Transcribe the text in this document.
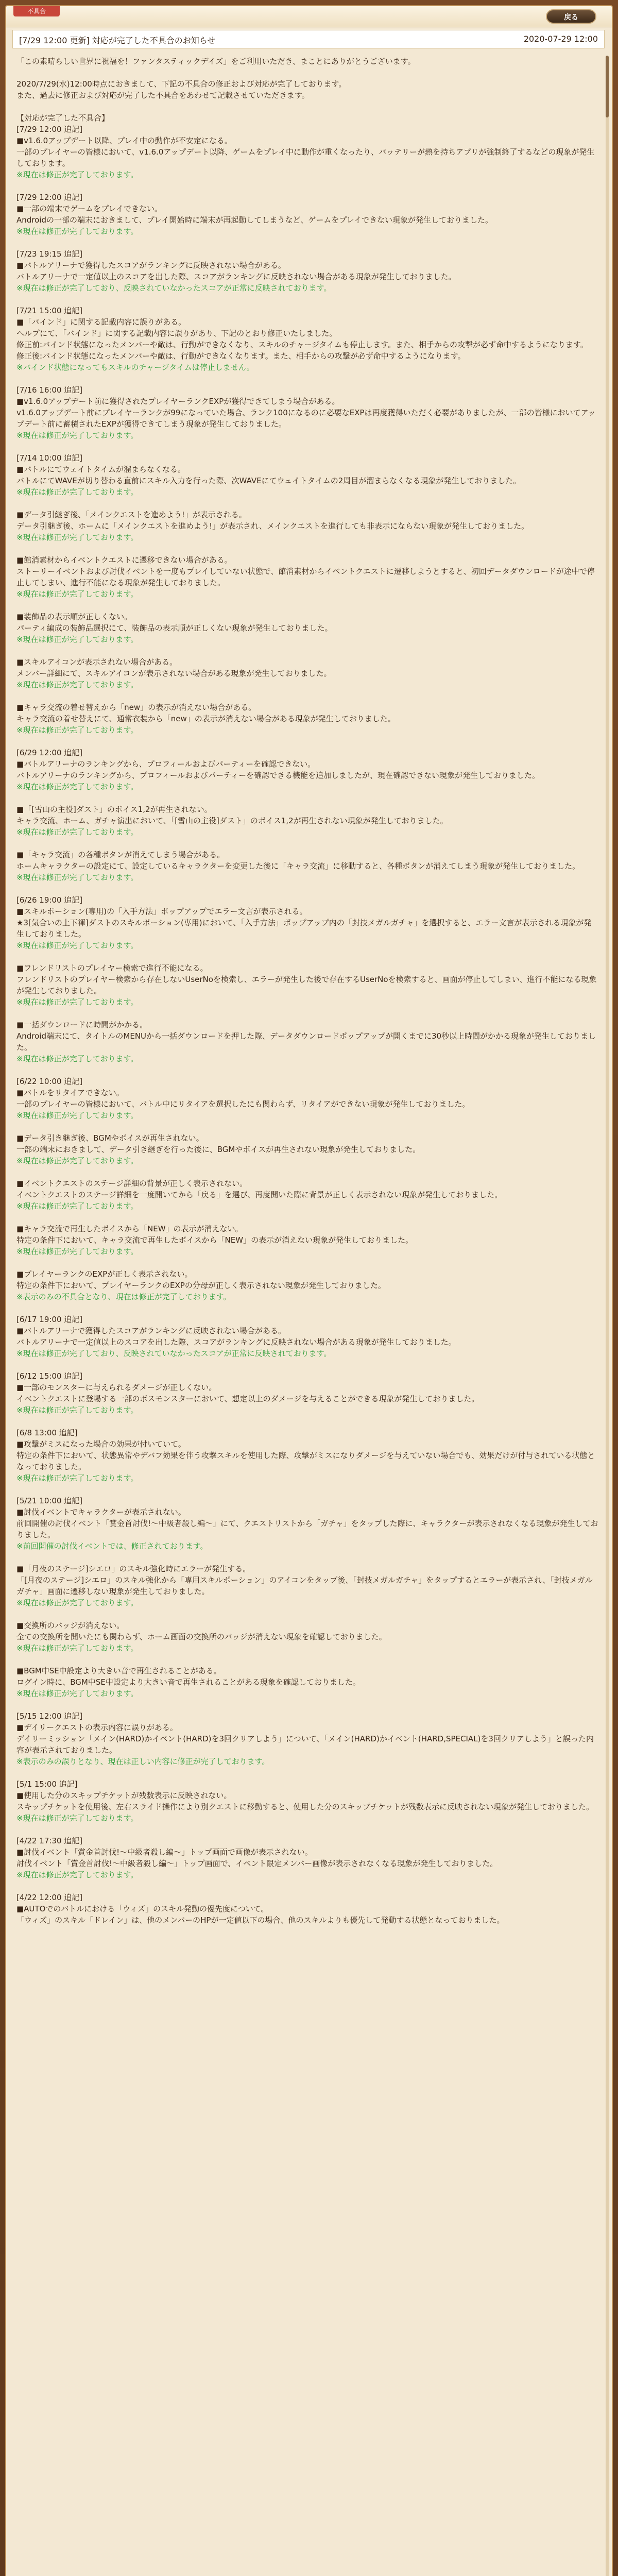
不具合
戻る
[7/29 12:00 更新] 対応が完了した不具合のお知らせ	2020-07-29 12:00

「この素晴らしい世界に祝福を！ファンタスティックデイズ」をご利用いただき、まことにありがとうございます。

2020/7/29(水)12:00時点におきまして、下記の不具合の修正および対応が完了しております。

また、過去に修正および対応が完了した不具合をあわせて記載させていただきます。

【対応が完了した不具合】

[7/29 12:00 追記]

■v1.6.0アップデート以降、プレイ中の動作が不安定になる。

一部のプレイヤーの皆様において、v1.6.0アップデート以降、ゲームをプレイ中に動作が重くなったり、バッテリーが熱を持ちアプリが強制終了するなどの現象が発生しております。

※現在は修正が完了しております。

[7/29 12:00 追記]

■一部の端末でゲームをプレイできない。

Androidの一部の端末におきまして、プレイ開始時に端末が再起動してしまうなど、ゲームをプレイできない現象が発生しておりました。

※現在は修正が完了しております。

[7/23 19:15 追記]

■バトルアリーナで獲得したスコアがランキングに反映されない場合がある。

バトルアリーナで一定値以上のスコアを出した際、スコアがランキングに反映されない場合がある現象が発生しておりました。

※現在は修正が完了しており、反映されていなかったスコアが正常に反映されております。

[7/21 15:00 追記]

■「バインド」に関する記載内容に誤りがある。

ヘルプにて、「バインド」に関する記載内容に誤りがあり、下記のとおり修正いたしました。

修正前:バインド状態になったメンバーや敵は、行動ができなくなり、スキルのチャージタイムも停止します。また、相手からの攻撃が必ず命中するようになります。

修正後:バインド状態になったメンバーや敵は、行動ができなくなります。また、相手からの攻撃が必ず命中するようになります。

※バインド状態になってもスキルのチャージタイムは停止しません。

[7/16 16:00 追記]

■v1.6.0アップデート前に獲得されたプレイヤーランクEXPが獲得できてしまう場合がある。

v1.6.0アップデート前にプレイヤーランクが99になっていた場合、ランク100になるのに必要なEXPは再度獲得いただく必要がありましたが、一部の皆様においてアップデート前に蓄積されたEXPが獲得できてしまう現象が発生しておりました。

※現在は修正が完了しております。

[7/14 10:00 追記]

■バトルにてウェイトタイムが溜まらなくなる。

バトルにてWAVEが切り替わる直前にスキル入力を行った際、次WAVEにてウェイトタイムの2周目が溜まらなくなる現象が発生しておりました。

※現在は修正が完了しております。

■データ引継ぎ後、「メインクエストを進めよう!」が表示される。

データ引継ぎ後、ホームに「メインクエストを進めよう!」が表示され、メインクエストを進行しても非表示にならない現象が発生しておりました。

※現在は修正が完了しております。

■館消素材からイベントクエストに遷移できない場合がある。

ストーリーイベントおよび討伐イベントを一度もプレイしていない状態で、館消素材からイベントクエストに遷移しようとすると、初回データダウンロードが途中で停止してしまい、進行不能になる現象が発生しておりました。

※現在は修正が完了しております。

■装飾品の表示順が正しくない。

パーティ編成の装飾品選択にて、装飾品の表示順が正しくない現象が発生しておりました。

※現在は修正が完了しております。

■スキルアイコンが表示されない場合がある。

メンバー詳細にて、スキルアイコンが表示されない場合がある現象が発生しておりました。

※現在は修正が完了しております。

■キャラ交流の着せ替えから「new」の表示が消えない場合がある。

キャラ交流の着せ替えにて、通常衣装から「new」の表示が消えない場合がある現象が発生しておりました。

※現在は修正が完了しております。

[6/29 12:00 追記]

■バトルアリーナのランキングから、プロフィールおよびパーティーを確認できない。

バトルアリーナのランキングから、プロフィールおよびパーティーを確認できる機能を追加しましたが、現在確認できない現象が発生しておりました。

※現在は修正が完了しております。

■「[雪山の主役]ダスト」のボイス1,2が再生されない。

キャラ交流、ホーム、ガチャ演出において、「[雪山の主役]ダスト」のボイス1,2が再生されない現象が発生しておりました。

※現在は修正が完了しております。

■「キャラ交流」の各種ボタンが消えてしまう場合がある。

ホームキャラクターの設定にて、設定しているキャラクターを変更した後に「キャラ交流」に移動すると、各種ボタンが消えてしまう現象が発生しておりました。

※現在は修正が完了しております。

[6/26 19:00 追記]

■スキルポーション(専用)の「入手方法」ポップアップでエラー文言が表示される。

★3[気合いの上下褌]ダストのスキルポーション(専用)において、「入手方法」ポップアップ内の「封技メガルガチャ」を選択すると、エラー文言が表示される現象が発生しておりました。

※現在は修正が完了しております。

■フレンドリストのプレイヤー検索で進行不能になる。

フレンドリストのプレイヤー検索から存在しないUserNoを検索し、エラーが発生した後で存在するUserNoを検索すると、画面が停止してしまい、進行不能になる現象が発生しておりました。

※現在は修正が完了しております。

■一括ダウンロードに時間がかかる。

Android端末にて、タイトルのMENUから一括ダウンロードを押した際、データダウンロードポップアップが開くまでに30秒以上時間がかかる現象が発生しておりました。

※現在は修正が完了しております。

[6/22 10:00 追記]

■バトルをリタイアできない。

一部のプレイヤーの皆様において、バトル中にリタイアを選択したにも関わらず、リタイアができない現象が発生しておりました。

※現在は修正が完了しております。

■データ引き継ぎ後、BGMやボイスが再生されない。

一部の端末におきまして、データ引き継ぎを行った後に、BGMやボイスが再生されない現象が発生しておりました。

※現在は修正が完了しております。

■イベントクエストのステージ詳細の背景が正しく表示されない。

イベントクエストのステージ詳細を一度開いてから「戻る」を選び、再度開いた際に背景が正しく表示されない現象が発生しておりました。

※現在は修正が完了しております。

■キャラ交流で再生したボイスから「NEW」の表示が消えない。

特定の条件下において、キャラ交流で再生したボイスから「NEW」の表示が消えない現象が発生しておりました。

※現在は修正が完了しております。

■プレイヤーランクのEXPが正しく表示されない。

特定の条件下において、プレイヤーランクのEXPの分母が正しく表示されない現象が発生しておりました。

※表示のみの不具合となり、現在は修正が完了しております。

[6/17 19:00 追記]

■バトルアリーナで獲得したスコアがランキングに反映されない場合がある。

バトルアリーナで一定値以上のスコアを出した際、スコアがランキングに反映されない場合がある現象が発生しておりました。

※現在は修正が完了しており、反映されていなかったスコアが正常に反映されております。

[6/12 15:00 追記]

■一部のモンスターに与えられるダメージが正しくない。

イベントクエストに登場する一部のボスモンスターにおいて、想定以上のダメージを与えることができる現象が発生しておりました。

※現在は修正が完了しております。

[6/8 13:00 追記]

■攻撃がミスになった場合の効果が付いていて。

特定の条件下において、状態異常やデバフ効果を伴う攻撃スキルを使用した際、攻撃がミスになりダメージを与えていない場合でも、効果だけが付与されている状態となっておりました。

※現在は修正が完了しております。

[5/21 10:00 追記]

■討伐イベントでキャラクターが表示されない。

前回開催の討伐イベント「賞金首討伐!～中級者殺し編～」にて、クエストリストから「ガチャ」をタップした際に、キャラクターが表示されなくなる現象が発生しておりました。

※前回開催の討伐イベントでは、修正されております。

■「月夜のステージ]シエロ」のスキル強化時にエラーが発生する。

「[月夜のステージ]シエロ」のスキル強化から「専用スキルポーション」のアイコンをタップ後、「封技メガルガチャ」をタップするとエラーが表示され、「封技メガルガチャ」画面に遷移しない現象が発生しておりました。

※現在は修正が完了しております。

■交換所のバッジが消えない。

全ての交換所を開いたにも関わらず、ホーム画面の交換所のバッジが消えない現象を確認しておりました。

※現在は修正が完了しております。

■BGM中SE中設定より大きい音で再生されることがある。

ログイン時に、BGM中SE中設定より大きい音で再生されることがある現象を確認しておりました。

※現在は修正が完了しております。

[5/15 12:00 追記]

■デイリークエストの表示内容に誤りがある。

デイリーミッション「メイン(HARD)かイベント(HARD)を3回クリアしよう」について、「メイン(HARD)かイベント(HARD,SPECIAL)を3回クリアしよう」と誤った内容が表示されておりました。

※表示のみの誤りとなり、現在は正しい内容に修正が完了しております。

[5/1 15:00 追記]

■使用した分のスキップチケットが残数表示に反映されない。

スキップチケットを使用後、左右スライド操作により別クエストに移動すると、使用した分のスキップチケットが残数表示に反映されない現象が発生しておりました。

※現在は修正が完了しております。

[4/22 17:30 追記]

■討伐イベント「賞金首討伐!～中級者殺し編～」トップ画面で画像が表示されない。

討伐イベント「賞金首討伐!～中級者殺し編～」トップ画面で、イベント限定メンバー画像が表示されなくなる現象が発生しておりました。

※現在は修正が完了しております。

[4/22 12:00 追記]

■AUTOでのバトルにおける「ウィズ」のスキル発動の優先度について。

「ウィズ」のスキル「ドレイン」は、他のメンバーのHPが一定値以下の場合、他のスキルよりも優先して発動する状態となっておりました。
